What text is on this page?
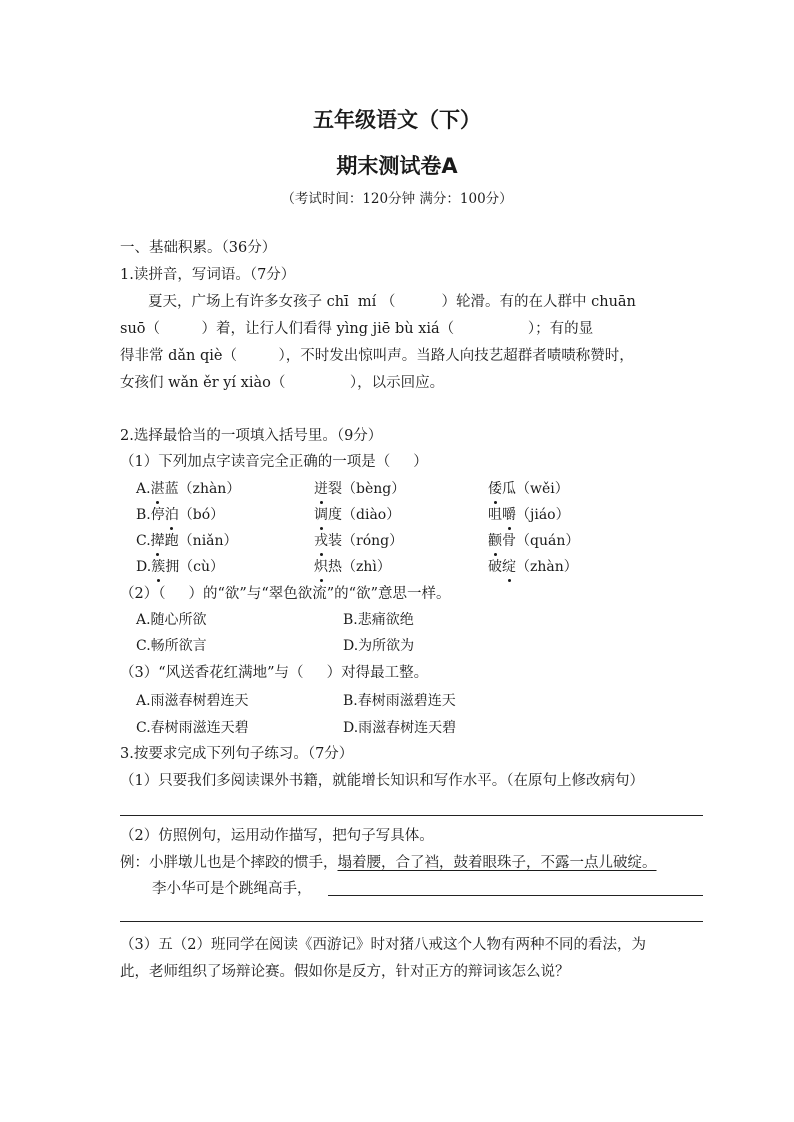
五年级语文（下）
期末测试卷A
（考试时间：120分钟 满分：100分）
一、基础积累。（36分）
1.读拼音，写词语。（7分）
夏天，广场上有许多女孩子 chī  mí （          ）轮滑。有的在人群中 chuān
suō（         ）着，让行人们看得 yìng jiē bù xiá（                ）；有的显
得非常 dǎn qiè（         ），不时发出惊叫声。当路人向技艺超群者啧啧称赞时，
女孩们 wǎn ěr yí xiào（              ），以示回应。
2.选择最恰当的一项填入括号里。（9分）
（1）下列加点字读音完全正确的一项是（     ）
A.湛蓝（zhàn）	迸裂（bèng）	倭瓜（wěi）
B.停泊（bó）	调度（diào）	咀嚼（jiáo）
C.撵跑（niǎn）	戎装（róng）	颧骨（quán）
D.簇拥（cù）	炽热（zhì）	破绽（zhàn）
（2）（     ）的“欲”与“翠色欲流”的“欲”意思一样。
A.随心所欲	B.悲痛欲绝
C.畅所欲言	D.为所欲为
（3）“风送香花红满地”与（     ）对得最工整。
A.雨滋春树碧连天	B.春树雨滋碧连天
C.春树雨滋连天碧	D.雨滋春树连天碧
3.按要求完成下列句子练习。（7分）
（1）只要我们多阅读课外书籍，就能增长知识和写作水平。（在原句上修改病句）
（2）仿照例句，运用动作描写，把句子写具体。
例：小胖墩儿也是个摔跤的惯手，塌着腰，合了裆，鼓着眼珠子，不露一点儿破绽。
李小华可是个跳绳高手，
（3）五（2）班同学在阅读《西游记》时对猪八戒这个人物有两种不同的看法，为
此，老师组织了场辩论赛。假如你是反方，针对正方的辩词该怎么说？
